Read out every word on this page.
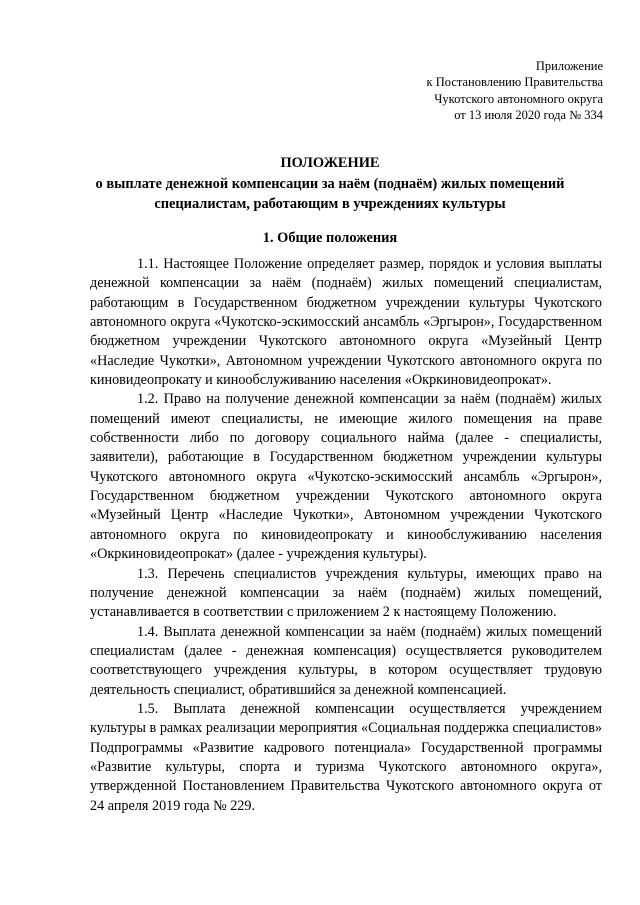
Приложение
к Постановлению Правительства
Чукотского автономного округа
от 13 июля 2020 года № 334
ПОЛОЖЕНИЕ
о выплате денежной компенсации за наём (поднаём) жилых помещений
специалистам, работающим в учреждениях культуры
1. Общие положения

1.1. Настоящее Положение определяет размер, порядок и условия выплаты денежной компенсации за наём (поднаём) жилых помещений специалистам, работающим в Государственном бюджетном учреждении культуры Чукотского автономного округа «Чукотско-эскимосский ансамбль «Эргырон», Государственном бюджетном учреждении Чукотского автономного округа «Музейный Центр «Наследие Чукотки», Автономном учреждении Чукотского автономного округа по киновидеопрокату и кинообслуживанию населения «Окркиновидеопрокат».

1.2. Право на получение денежной компенсации за наём (поднаём) жилых помещений имеют специалисты, не имеющие жилого помещения на праве собственности либо по договору социального найма (далее - специалисты, заявители), работающие в Государственном бюджетном учреждении культуры Чукотского автономного округа «Чукотско-эскимосский ансамбль «Эргырон», Государственном бюджетном учреждении Чукотского автономного округа «Музейный Центр «Наследие Чукотки», Автономном учреждении Чукотского автономного округа по киновидеопрокату и кинообслуживанию населения «Окркиновидеопрокат» (далее - учреждения культуры).

1.3. Перечень специалистов учреждения культуры, имеющих право на получение денежной компенсации за наём (поднаём) жилых помещений, устанавливается в соответствии с приложением 2 к настоящему Положению.

1.4. Выплата денежной компенсации за наём (поднаём) жилых помещений специалистам (далее - денежная компенсация) осуществляется руководителем соответствующего учреждения культуры, в котором осуществляет трудовую деятельность специалист, обратившийся за денежной компенсацией.

1.5. Выплата денежной компенсации осуществляется учреждением культуры в рамках реализации мероприятия «Социальная поддержка специалистов» Подпрограммы «Развитие кадрового потенциала» Государственной программы «Развитие культуры, спорта и туризма Чукотского автономного округа», утвержденной Постановлением Правительства Чукотского автономного округа от 24 апреля 2019 года № 229.
